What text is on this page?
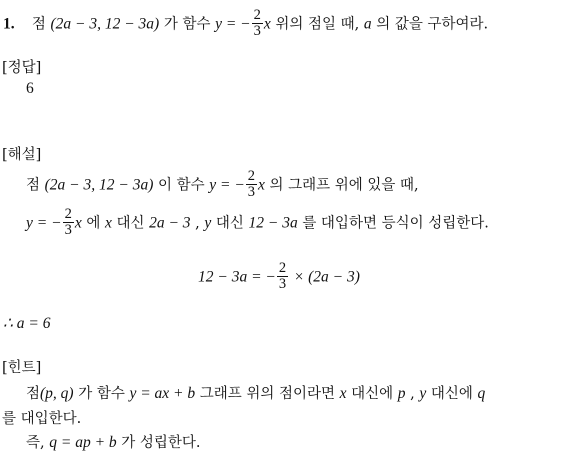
1. 점 (2a − 3, 12 − 3a) 가 함수 y = − $\frac{2}{3}$ x 위의 점일 때, a 의 값을 구하여라.
[정답]
6
[해설]
점 (2a − 3, 12 − 3a) 이 함수 y = − $\frac{2}{3}$ x 의 그래프 위에 있을 때,
y = − $\frac{2}{3}$ x 에 x 대신 2a − 3 , y 대신 12 − 3a 를 대입하면 등식이 성립한다.
12 − 3a = − $\frac{2}{3} \times (2a - 3)$
∴ a = 6
[힌트]
점(p, q) 가 함수 y = ax + b 그래프 위의 점이라면 x 대신에 p , y 대신에 q
를 대입한다.
즉, q = ap + b 가 성립한다.
